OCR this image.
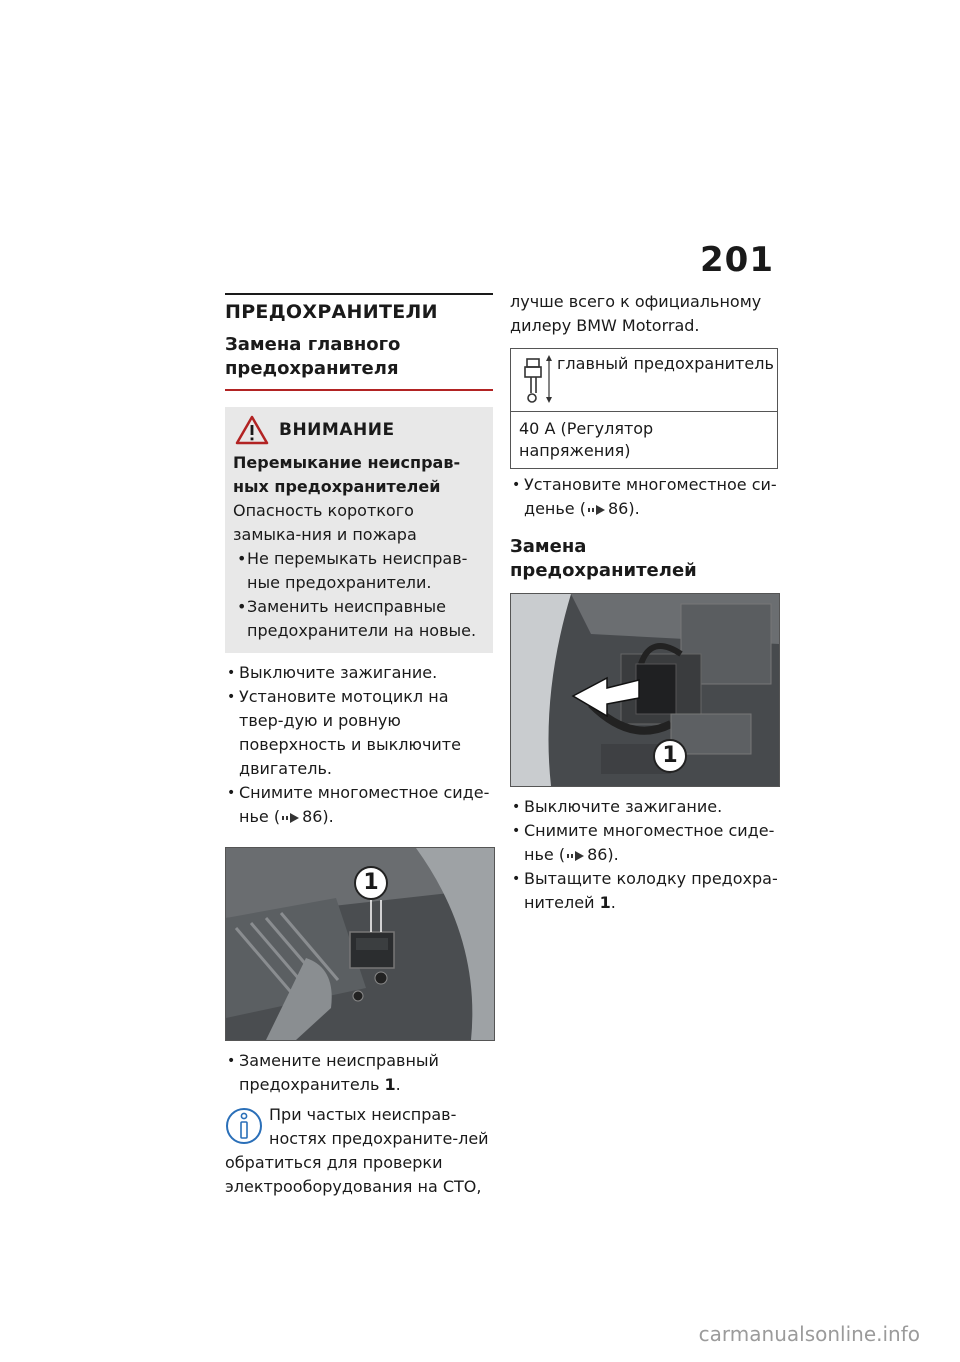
201
ПРЕДОХРАНИТЕЛИ
Замена главного предохранителя
ВНИМАНИЕ
Перемыкание неисправ-ных предохранителей
Опасность короткого замыка-ния и пожара
• Не перемыкать неисправ-ные предохранители.
• Заменить неисправные предохранители на новые.
• Выключите зажигание.
• Установите мотоцикл на твер-дую и ровную поверхность и выключите двигатель.
• Снимите многоместное сиде-нье ( 86).
1
• Замените неисправный предохранитель 1.
При частых неисправ-ностях предохраните-лей обратиться для проверки электрооборудования на СТО,
лучше всего к официальному дилеру BMW Motorrad.
главный предохранитель
40 А (Регулятор напряжения)
• Установите многоместное си-денье ( 86).
Замена предохранителей
1
• Выключите зажигание.
• Снимите многоместное сиде-нье ( 86).
• Вытащите колодку предохра-нителей 1.
carmanualsonline.info
